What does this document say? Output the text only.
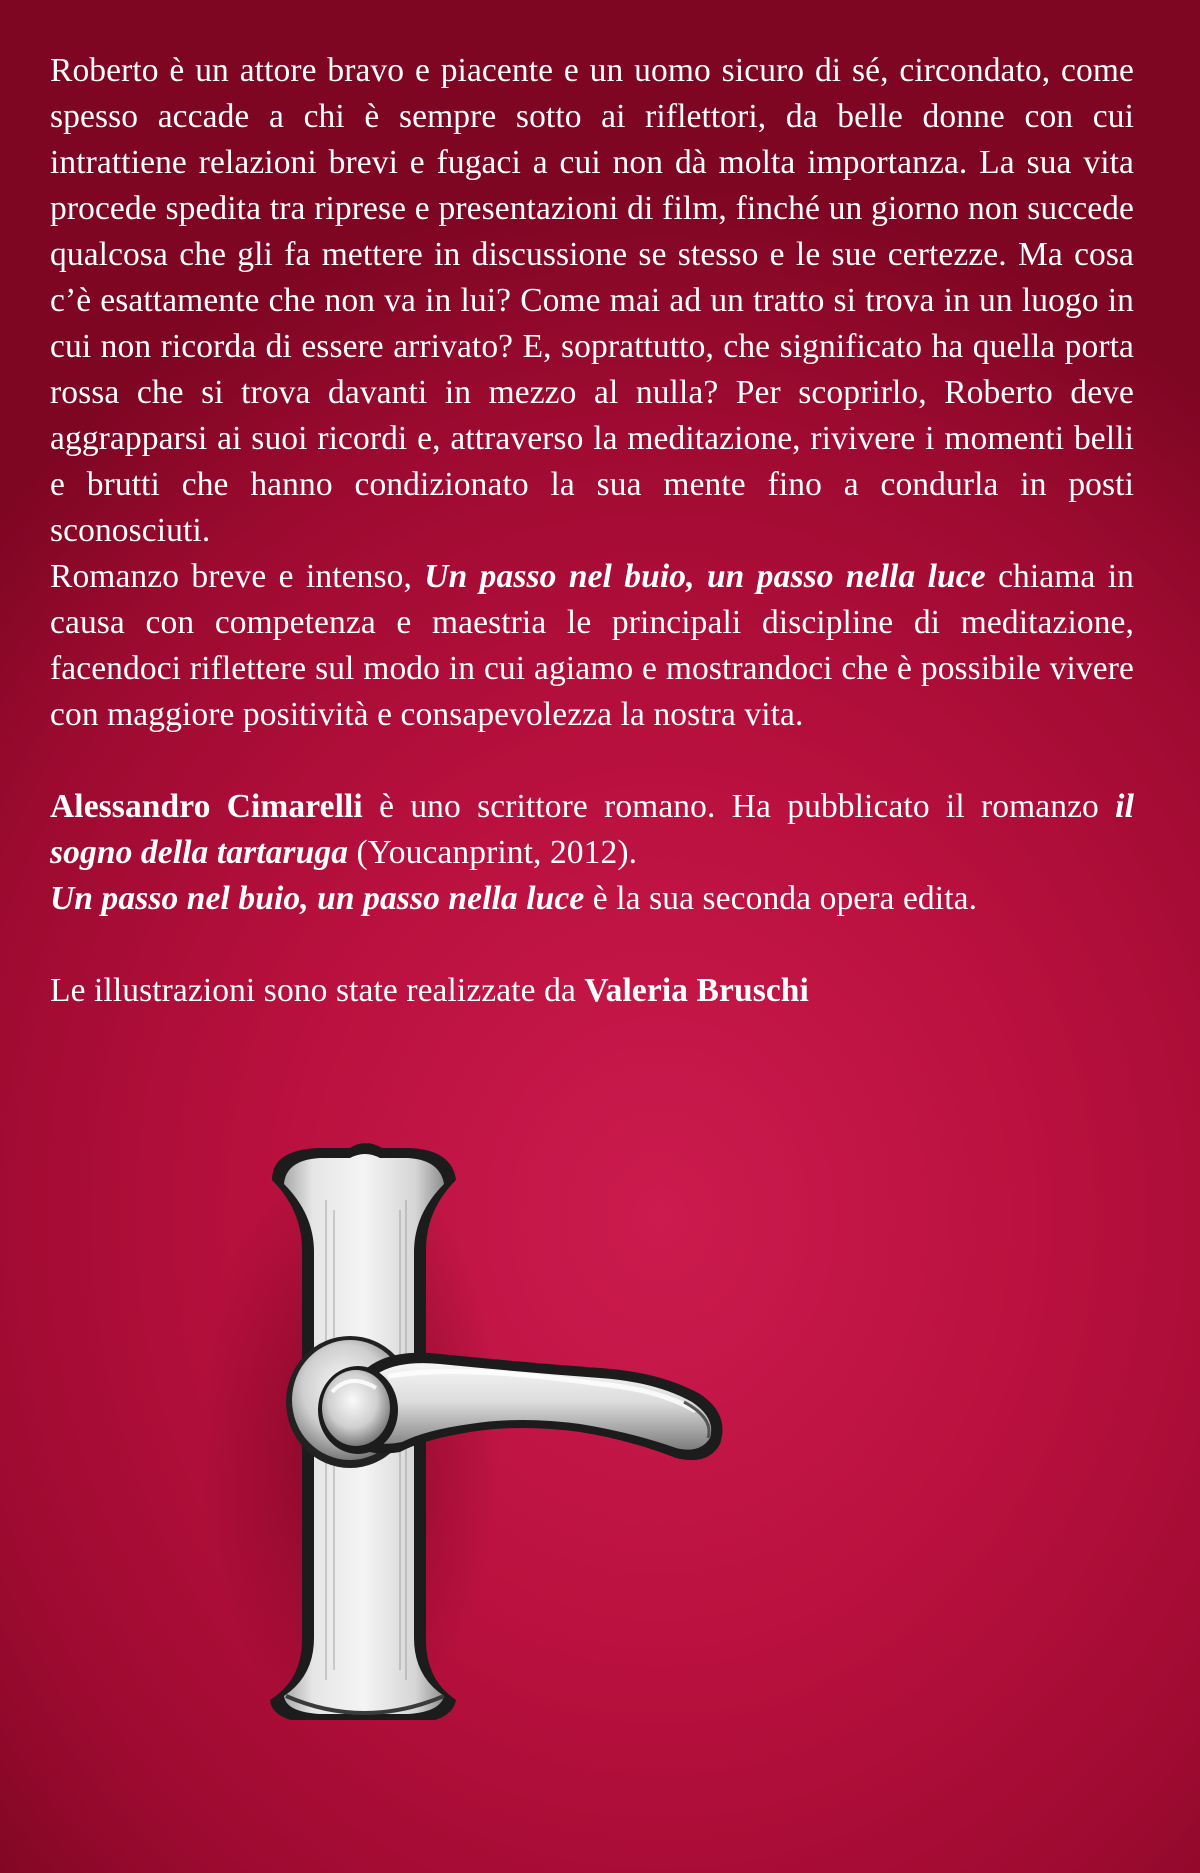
Roberto è un attore bravo e piacente e un uomo sicuro di sé, circondato, come spesso accade a chi è sempre sotto ai riflettori, da belle donne con cui intrattiene relazioni brevi e fugaci a cui non dà molta importanza. La sua vita procede spedita tra riprese e presentazioni di film, finché un giorno non succede qualcosa che gli fa mettere in discussione se stesso e le sue certezze. Ma cosa c’è esattamente che non va in lui? Come mai ad un tratto si trova in un luogo in cui non ricorda di essere arrivato? E, soprattutto, che significato ha quella porta rossa che si trova davanti in mezzo al nulla? Per scoprirlo, Roberto deve aggrapparsi ai suoi ricordi e, attraverso la meditazione, rivivere i momenti belli e brutti che hanno condizionato la sua mente fino a condurla in posti sconosciuti.

Romanzo breve e intenso, Un passo nel buio, un passo nella luce chiama in causa con competenza e maestria le principali discipline di meditazione, facendoci riflettere sul modo in cui agiamo e mostrandoci che è possibile vivere con maggiore positività e consapevolezza la nostra vita.

Alessandro Cimarelli è uno scrittore romano. Ha pubblicato il romanzo il sogno della tartaruga (Youcanprint, 2012).

Un passo nel buio, un passo nella luce è la sua seconda opera edita.

Le illustrazioni sono state realizzate da Valeria Bruschi
